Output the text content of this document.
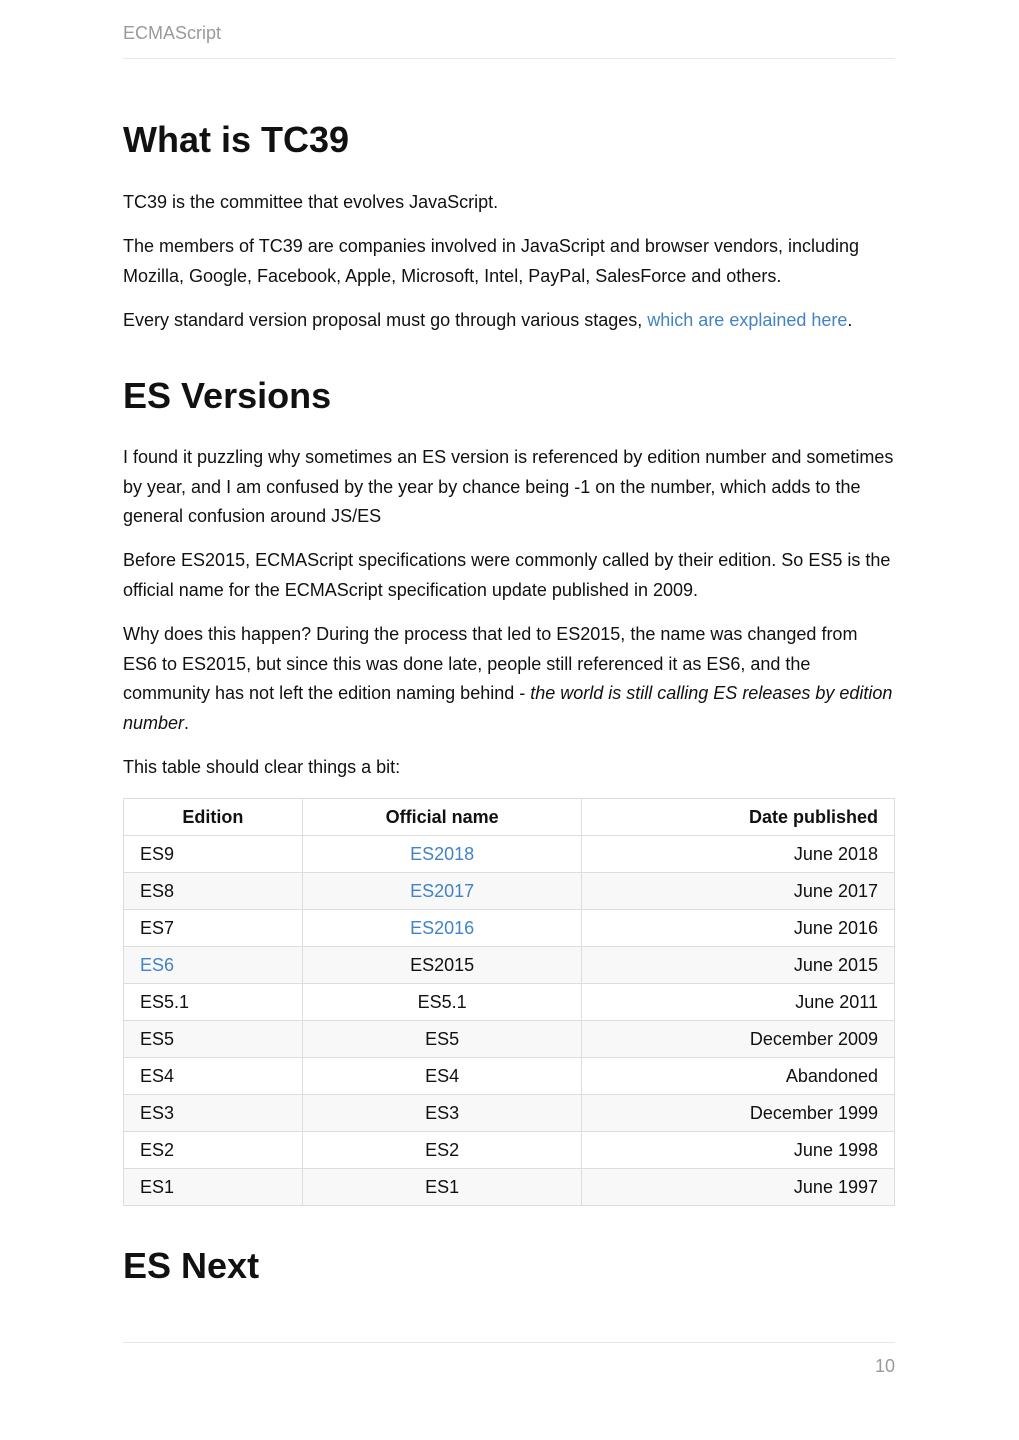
ECMAScript
What is TC39

TC39 is the committee that evolves JavaScript.

The members of TC39 are companies involved in JavaScript and browser vendors, including Mozilla, Google, Facebook, Apple, Microsoft, Intel, PayPal, SalesForce and others.

Every standard version proposal must go through various stages, which are explained here.

ES Versions

I found it puzzling why sometimes an ES version is referenced by edition number and sometimes by year, and I am confused by the year by chance being -1 on the number, which adds to the general confusion around JS/ES

Before ES2015, ECMAScript specifications were commonly called by their edition. So ES5 is the official name for the ECMAScript specification update published in 2009.

Why does this happen? During the process that led to ES2015, the name was changed from ES6 to ES2015, but since this was done late, people still referenced it as ES6, and the community has not left the edition naming behind - the world is still calling ES releases by edition number.

This table should clear things a bit:

Edition	Official name	Date published
ES9	ES2018	June 2018
ES8	ES2017	June 2017
ES7	ES2016	June 2016
ES6	ES2015	June 2015
ES5.1	ES5.1	June 2011
ES5	ES5	December 2009
ES4	ES4	Abandoned
ES3	ES3	December 1999
ES2	ES2	June 1998
ES1	ES1	June 1997
ES Next
10
